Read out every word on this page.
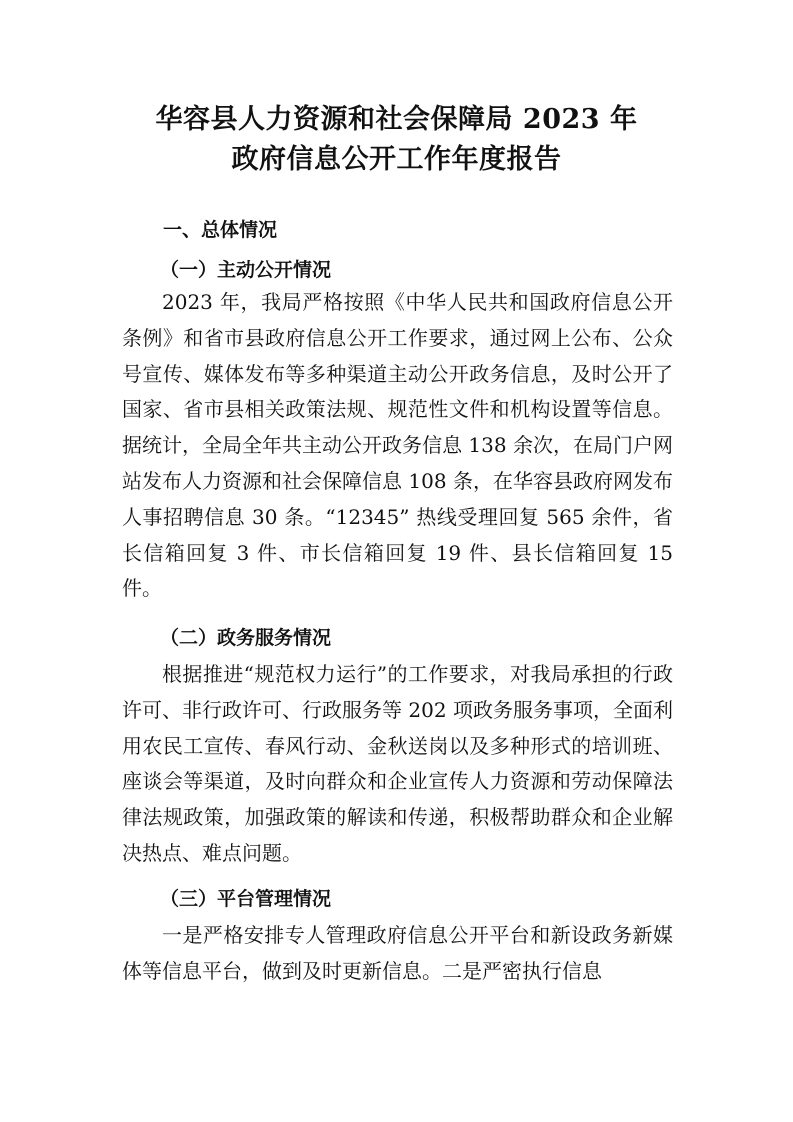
华容县人力资源和社会保障局 2023 年
政府信息公开工作年度报告
一、总体情况
（一）主动公开情况

2023 年，我局严格按照《中华人民共和国政府信息公开条例》和省市县政府信息公开工作要求，通过网上公布、公众号宣传、媒体发布等多种渠道主动公开政务信息，及时公开了国家、省市县相关政策法规、规范性文件和机构设置等信息。据统计，全局全年共主动公开政务信息 138 余次，在局门户网站发布人力资源和社会保障信息 108 条，在华容县政府网发布人事招聘信息 30 条。“12345” 热线受理回复 565 余件，省长信箱回复 3 件、市长信箱回复 19 件、县长信箱回复 15 件。

（二）政务服务情况

根据推进“规范权力运行”的工作要求，对我局承担的行政许可、非行政许可、行政服务等 202 项政务服务事项，全面利用农民工宣传、春风行动、金秋送岗以及多种形式的培训班、座谈会等渠道，及时向群众和企业宣传人力资源和劳动保障法律法规政策，加强政策的解读和传递，积极帮助群众和企业解决热点、难点问题。

（三）平台管理情况

一是严格安排专人管理政府信息公开平台和新设政务新媒体等信息平台，做到及时更新信息。二是严密执行信息
